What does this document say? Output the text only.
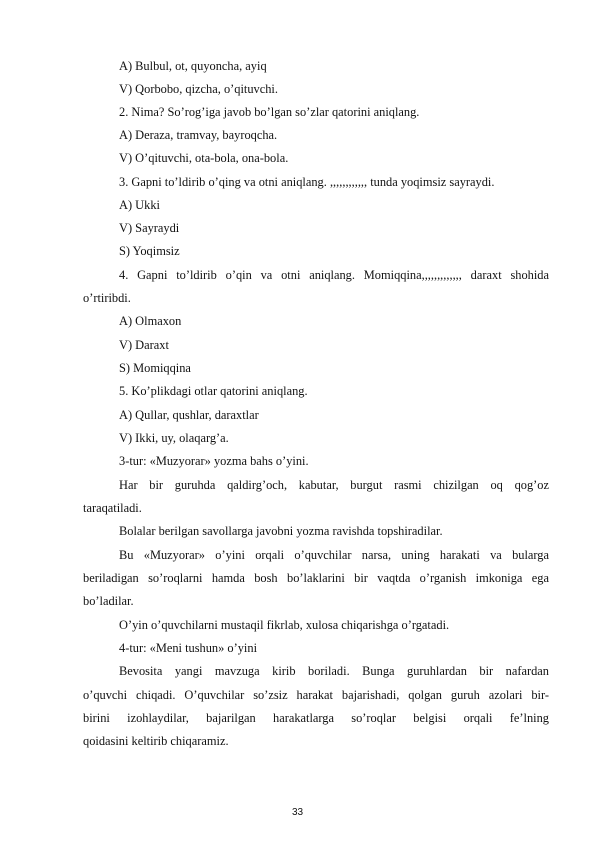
A) Bulbul, ot, quyoncha, ayiq

V) Qorbobo, qizcha, o’qituvchi.

2. Nima? So’rog’iga javob bo’lgan so’zlar qatorini aniqlang.

A) Deraza, tramvay, bayroqcha.

V) O’qituvchi, ota-bola, ona-bola.

3. Gapni to’ldirib o’qing va otni aniqlang. ,,,,,,,,,,,, tunda yoqimsiz sayraydi.

A) Ukki

V) Sayraydi

S) Yoqimsiz

4. Gapni to’ldirib o’qin va otni aniqlang. Momiqqina,,,,,,,,,,,,, daraxt shohida

o’rtiribdi.

A) Olmaxon

V) Daraxt

S) Momiqqina

5. Ko’plikdagi otlar qatorini aniqlang.

A) Qullar, qushlar, daraxtlar

V) Ikki, uy, olaqarg’a.

3-tur: «Muzyorar» yozma bahs o’yini.

Har bir guruhda qaldirg’och, kabutar, burgut rasmi chizilgan oq qog’oz

taraqatiladi.

Bolalar berilgan savollarga javobni yozma ravishda topshiradilar.

Bu «Muzyorar» o’yini orqali o’quvchilar narsa, uning harakati va bularga

beriladigan so’roqlarni hamda bosh bo’laklarini bir vaqtda o’rganish imkoniga ega

bo’ladilar.

O’yin o’quvchilarni mustaqil fikrlab, xulosa chiqarishga o’rgatadi.

4-tur: «Meni tushun» o’yini

Bevosita yangi mavzuga kirib boriladi. Bunga guruhlardan bir nafardan

o’quvchi chiqadi. O’quvchilar so’zsiz harakat bajarishadi, qolgan guruh azolari bir-

birini izohlaydilar, bajarilgan harakatlarga so’roqlar belgisi orqali fe’lning

qoidasini keltirib chiqaramiz.

33
